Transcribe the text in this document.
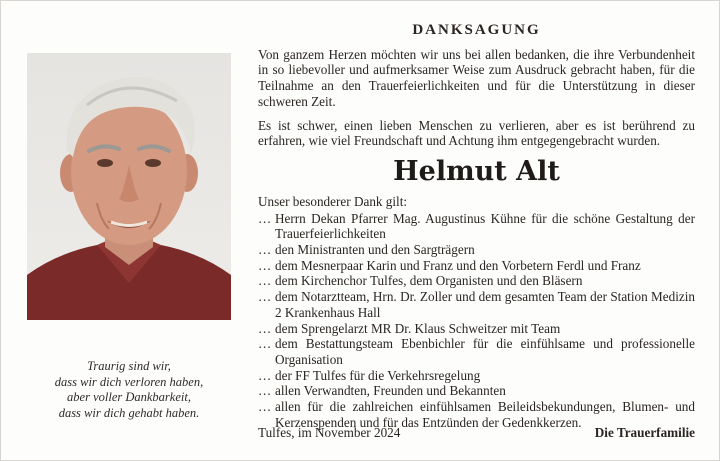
Traurig sind wir,
dass wir dich verloren haben,
aber voller Dankbarkeit,
dass wir dich gehabt haben.
DANKSAGUNG

Von ganzem Herzen möchten wir uns bei allen bedanken, die ihre Verbundenheit in so liebevoller und aufmerksamer Weise zum Ausdruck gebracht haben, für die Teilnahme an den Trauerfeierlichkeiten und für die Unterstützung in dieser schweren Zeit.

Es ist schwer, einen lieben Menschen zu verlieren, aber es ist berührend zu erfahren, wie viel Freundschaft und Achtung ihm entgegengebracht wurden.

Helmut Alt
Unser besonderer Dank gilt:
… Herrn Dekan Pfarrer Mag. Augustinus Kühne für die schöne Gestaltung der Trauerfeierlichkeiten
… den Ministranten und den Sargträgern
… dem Mesnerpaar Karin und Franz und den Vorbetern Ferdl und Franz
… dem Kirchenchor Tulfes, dem Organisten und den Bläsern
… dem Notarztteam, Hrn. Dr. Zoller und dem gesamten Team der Station Medizin 2 Krankenhaus Hall
… dem Sprengelarzt MR Dr. Klaus Schweitzer mit Team
… dem Bestattungsteam Ebenbichler für die einfühlsame und professionelle Organisation
… der FF Tulfes für die Verkehrsregelung
… allen Verwandten, Freunden und Bekannten
… allen für die zahlreichen einfühlsamen Beileidsbekundungen, Blumen- und Kerzenspenden und für das Entzünden der Gedenkkerzen.
Tulfes, im November 2024	Die Trauerfamilie
